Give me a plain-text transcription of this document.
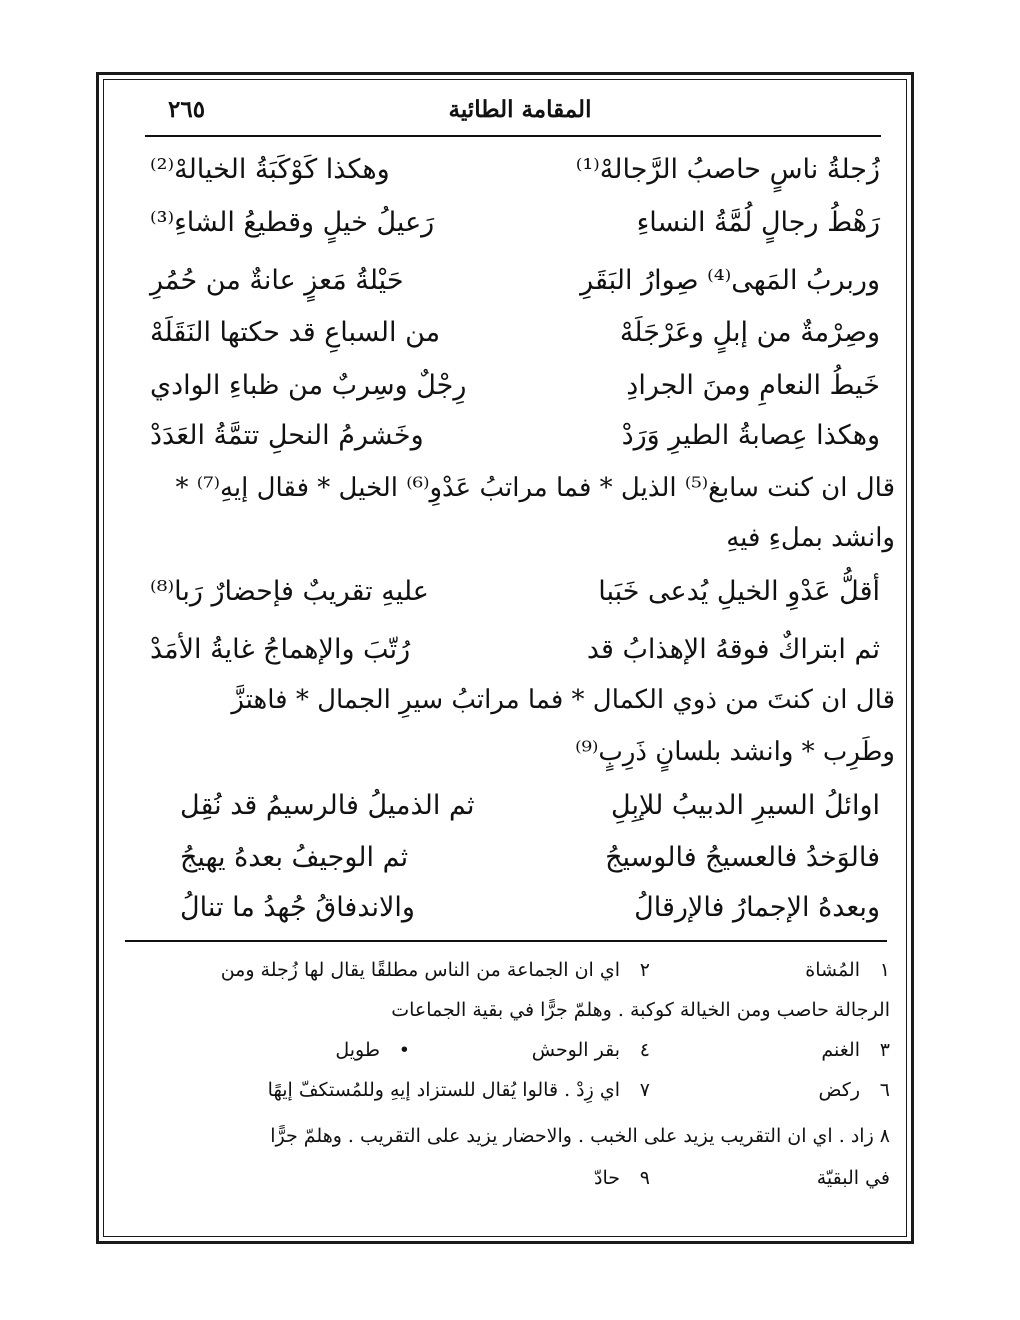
المقامة الطائية
٢٦٥
زُجلةُ ناسٍ حاصبُ الرَّجالهْ⁽¹⁾
وهكذا كَوْكَبَةُ الخيالهْ⁽²⁾
رَهْطُ رجالٍ لُمَّةُ النساءِ
رَعيلُ خيلٍ وقطيعُ الشاءِ⁽³⁾
وربربُ المَهى⁽⁴⁾ صِوارُ البَقَرِ
حَيْلةُ مَعزٍ عانةٌ من حُمُرِ
وصِرْمةٌ من إبلٍ وعَرْجَلَهْ
من السباعِ قد حكتها النَقَلَهْ
خَيطُ النعامِ ومنَ الجرادِ
رِجْلٌ وسِربٌ من ظباءِ الوادي
وهكذا عِصابةُ الطيرِ وَرَدْ
وخَشرمُ النحلِ تتمَّةُ العَدَدْ
قال ان كنت سابغ⁽⁵⁾ الذيل * فما مراتبُ عَدْوِ⁽⁶⁾ الخيل * فقال إيهِ⁽⁷⁾ *
وانشد بملءِ فيهِ
أقلُّ عَدْوِ الخيلِ يُدعى خَبَبا
عليهِ تقريبٌ فإحضارٌ رَبا⁽⁸⁾
ثم ابتراكٌ فوقهُ الإهذابُ قد
رُتّبَ والإهماجُ غايةُ الأمَدْ
قال ان كنتَ من ذوي الكمال * فما مراتبُ سيرِ الجمال * فاهتزَّ
وطَرِب * وانشد بلسانٍ ذَرِبٍ⁽⁹⁾
اوائلُ السيرِ الدبيبُ للإبِلِ
ثم الذميلُ فالرسيمُ قد نُقِل
فالوَخدُ فالعسيجُ فالوسيجُ
ثم الوجيفُ بعدهُ يهيجُ
وبعدهُ الإجمارُ فالإرقالُ
والاندفاقُ جُهدُ ما تنالُ
١
المُشاة
٢
اي ان الجماعة من الناس مطلقًا يقال لها زُجلة ومن
الرجالة حاصب ومن الخيالة كوكبة . وهلمّ جرًّا في بقية الجماعات
٣
الغنم
٤
بقر الوحش
•
طويل
٦
ركض
٧
اي زِدْ . قالوا يُقال للستزاد إيهِ وللمُستكفّ إيهًا
٨ زاد . اي ان التقريب يزيد على الخبب . والاحضار يزيد على التقريب . وهلمّ جرًّا
في البقيّة
٩
حادّ
